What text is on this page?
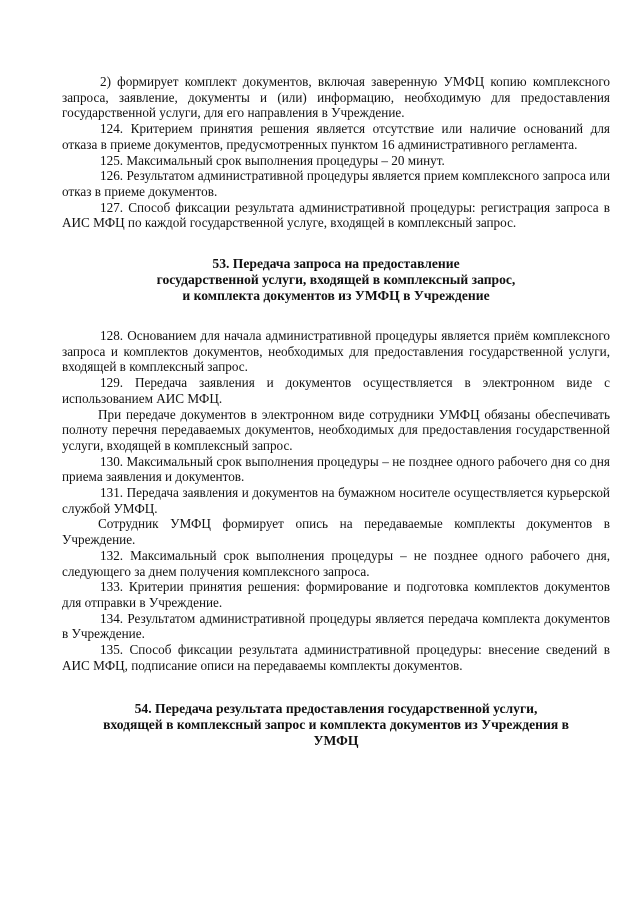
2) формирует комплект документов, включая заверенную УМФЦ копию комплексного запроса, заявление, документы и (или) информацию, необходимую для предоставления государственной услуги, для его направления в Учреждение.

124. Критерием принятия решения является отсутствие или наличие оснований для отказа в приеме документов, предусмотренных пунктом 16 административного регламента.

125. Максимальный срок выполнения процедуры – 20 минут.

126. Результатом административной процедуры является прием комплексного запроса или отказ в приеме документов.

127. Способ фиксации результата административной процедуры: регистрация запроса в АИС МФЦ по каждой государственной услуге, входящей в комплексный запрос.

53. Передача запроса на предоставление
государственной услуги, входящей в комплексный запрос,
и комплекта документов из УМФЦ в Учреждение

128. Основанием для начала административной процедуры является приём комплексного запроса и комплектов документов, необходимых для предоставления государственной услуги, входящей в комплексный запрос.

129. Передача заявления и документов осуществляется в электронном виде с использованием АИС МФЦ.

При передаче документов в электронном виде сотрудники УМФЦ обязаны обеспечивать полноту перечня передаваемых документов, необходимых для предоставления государственной услуги, входящей в комплексный запрос.

130. Максимальный срок выполнения процедуры – не позднее одного рабочего дня со дня приема заявления и документов.

131. Передача заявления и документов на бумажном носителе осуществляется курьерской службой УМФЦ.

Сотрудник УМФЦ формирует опись на передаваемые комплекты документов в Учреждение.

132. Максимальный срок выполнения процедуры – не позднее одного рабочего дня, следующего за днем получения комплексного запроса.

133. Критерии принятия решения: формирование и подготовка комплектов документов для отправки в Учреждение.

134. Результатом административной процедуры является передача комплекта документов в Учреждение.

135. Способ фиксации результата административной процедуры: внесение сведений в АИС МФЦ, подписание описи на передаваемы комплекты документов.

54. Передача результата предоставления государственной услуги,
входящей в комплексный запрос и комплекта документов из Учреждения в
УМФЦ
